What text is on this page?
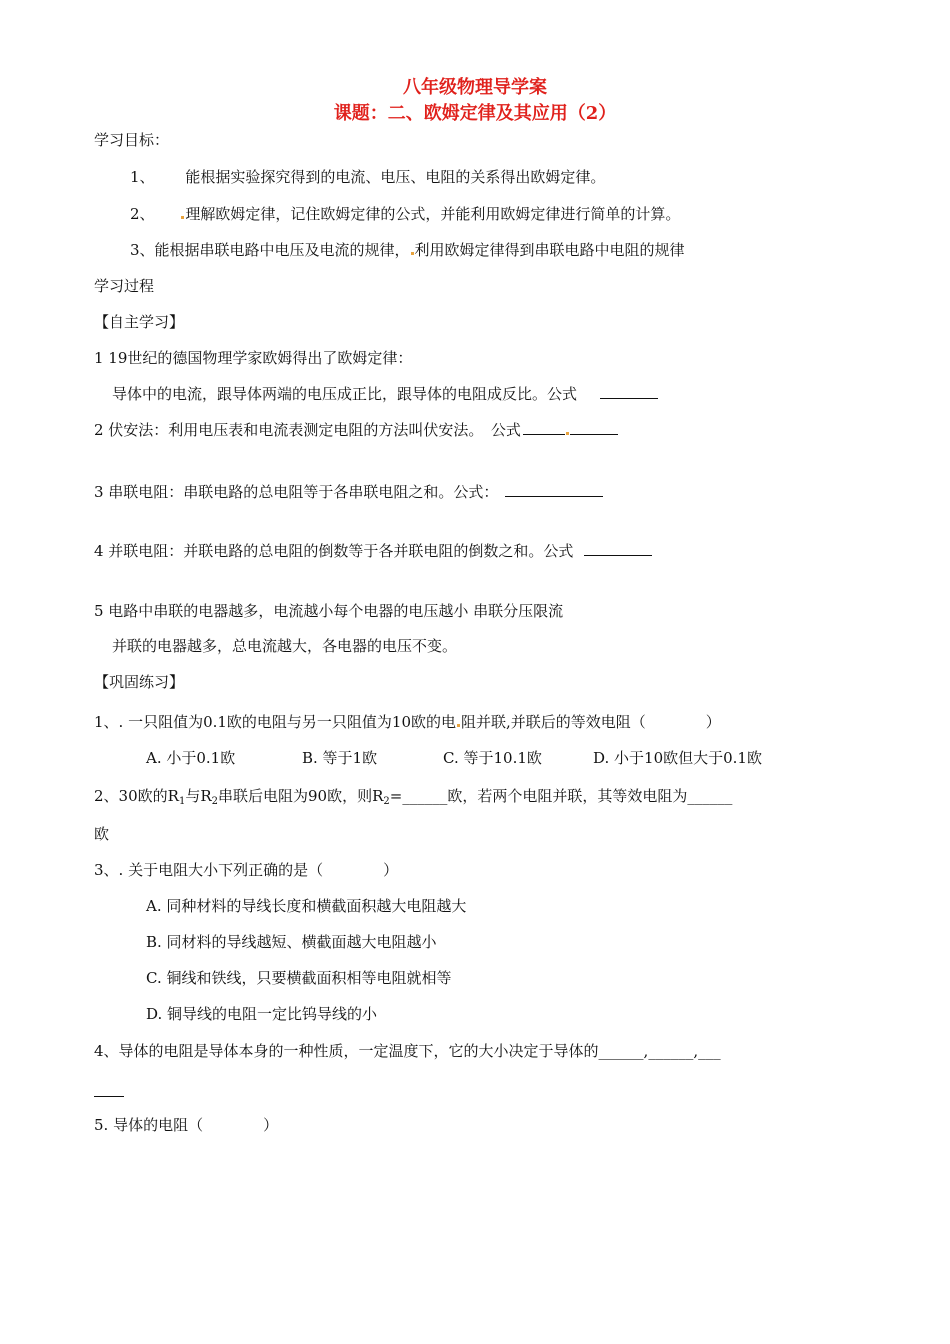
八年级物理导学案
课题：二、欧姆定律及其应用（2）
学习目标：
1、 能根据实验探究得到的电流、电压、电阻的关系得出欧姆定律。
2、 理解欧姆定律，记住欧姆定律的公式，并能利用欧姆定律进行简单的计算。
3、能根据串联电路中电压及电流的规律， 利用欧姆定律得到串联电路中电阻的规律
学习过程
【自主学习】
1 19世纪的德国物理学家欧姆得出了欧姆定律：
导体中的电流，跟导体两端的电压成正比，跟导体的电阻成反比。公式
2 伏安法：利用电压表和电流表测定电阻的方法叫伏安法。　公式
3 串联电阻：串联电路的总电阻等于各串联电阻之和。公式：
4 并联电阻：并联电路的总电阻的倒数等于各并联电阻的倒数之和。公式
5 电路中串联的电器越多，电流越小每个电器的电压越小 串联分压限流
并联的电器越多，总电流越大，各电器的电压不变。
【巩固练习】
1、. 一只阻值为0.1欧的电阻与另一只阻值为10欧的电 阻并联,并联后的等效电阻（　　　　）
A. 小于0.1欧	B. 等于1欧	C. 等于10.1欧	D. 小于10欧但大于0.1欧
2、30欧的$R_1$与$R_2$串联后电阻为90欧，则$R_2=\_\_\_\_\_\_$欧，若两个电阻并联，其等效电阻为______
欧
3、. 关于电阻大小下列正确的是（　　　　）
A. 同种材料的导线长度和横截面积越大电阻越大
B. 同材料的导线越短、横截面越大电阻越小
C. 铜线和铁线，只要横截面积相等电阻就相等
D. 铜导线的电阻一定比钨导线的小
4、导体的电阻是导体本身的一种性质，一定温度下，它的大小决定于导体的______,______,___
5. 导体的电阻（　　　　）
